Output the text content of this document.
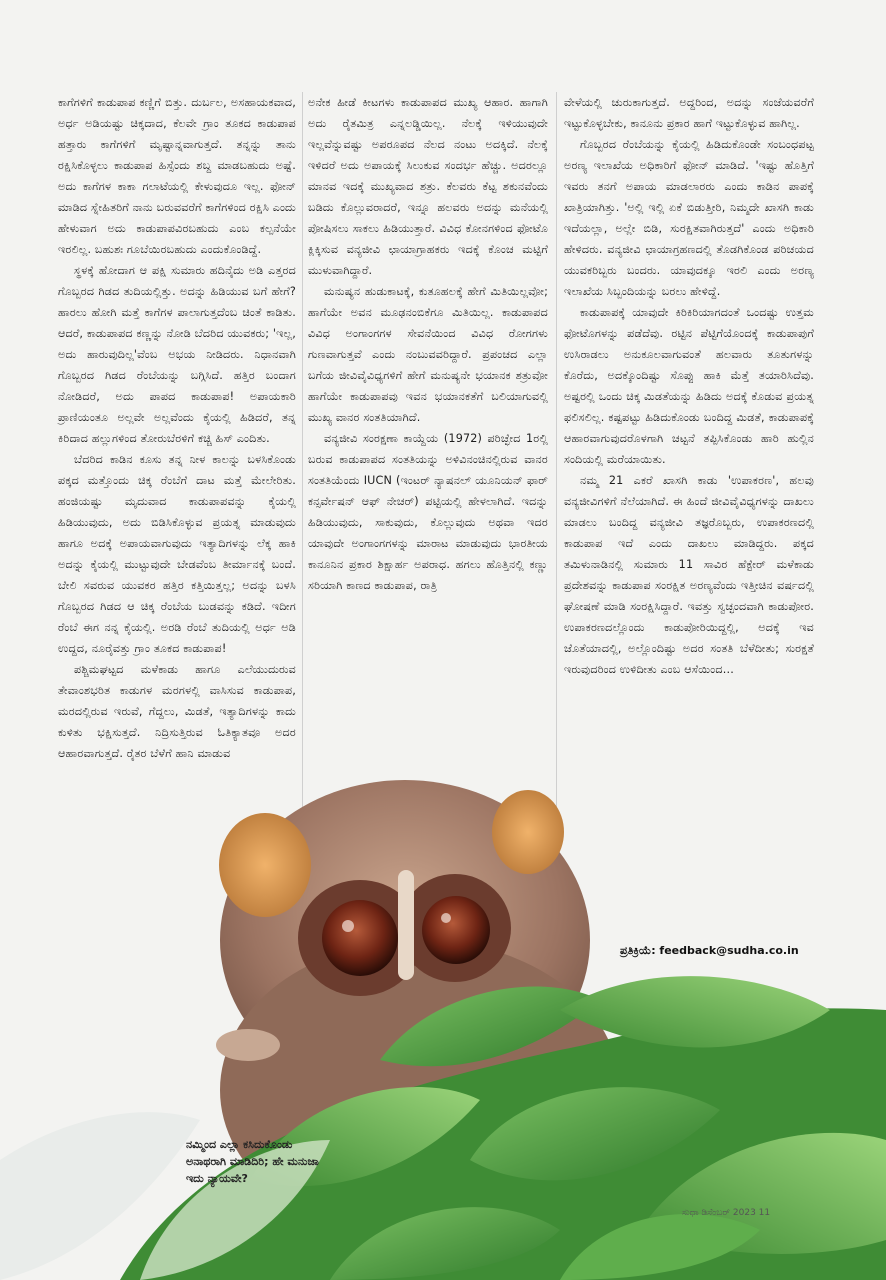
ಕಾಗೆಗಳಿಗೆ ಕಾಡುಪಾಪ ಕಣ್ಣಿಗೆ ಬಿತ್ತು. ದುರ್ಬಲ, ಅಸಹಾಯಕವಾದ, ಅರ್ಧ ಅಡಿಯಷ್ಟು ಚಿಕ್ಕದಾದ, ಕೆಲವೇ ಗ್ರಾಂ ತೂಕದ ಕಾಡುಪಾಪ ಹತ್ತಾರು ಕಾಗೆಗಳಿಗೆ ಮೃಷ್ಟಾನ್ನವಾಗುತ್ತದೆ. ತನ್ನನ್ನು ತಾನು ರಕ್ಷಿಸಿಕೊಳ್ಳಲು ಕಾಡುಪಾಪ ಹಿಸ್ಸೆಂದು ಶಬ್ದ ಮಾಡಬಹುದು ಅಷ್ಟೆ. ಅದು ಕಾಗೆಗಳ ಕಾಕಾ ಗಲಾಟೆಯಲ್ಲಿ ಕೇಳುವುದೂ ಇಲ್ಲ. ಫೋನ್ ಮಾಡಿದ ಸ್ನೇಹಿತರಿಗೆ ನಾನು ಬರುವವರೆಗೆ ಕಾಗೆಗಳಿಂದ ರಕ್ಷಿಸಿ ಎಂದು ಹೇಳುವಾಗ ಅದು ಕಾಡುಪಾಪವಿರಬಹುದು ಎಂಬ ಕಲ್ಪನೆಯೇ ಇರಲಿಲ್ಲ. ಬಹುಶಃ ಗೂಬೆಯಿರಬಹುದು ಎಂದುಕೊಂಡಿದ್ದೆ.

ಸ್ಥಳಕ್ಕೆ ಹೋದಾಗ ಆ ಪಕ್ಷಿ ಸುಮಾರು ಹದಿನೈದು ಅಡಿ ಎತ್ತರದ ಗೊಬ್ಬರದ ಗಿಡದ ತುದಿಯಲ್ಲಿತ್ತು. ಅದನ್ನು ಹಿಡಿಯುವ ಬಗೆ ಹೇಗೆ? ಹಾರಲು ಹೋಗಿ ಮತ್ತೆ ಕಾಗೆಗಳ ಪಾಲಾಗುತ್ತದೆಂಬ ಚಿಂತೆ ಕಾಡಿತು. ಆದರೆ, ಕಾಡುಪಾಪದ ಕಣ್ಣನ್ನು ನೋಡಿ ಬೆದರಿದ ಯುವಕರು; 'ಇಲ್ಲ, ಅದು ಹಾರುವುದಿಲ್ಲ'ವೆಂಬ ಅಭಯ ನೀಡಿದರು. ನಿಧಾನವಾಗಿ ಗೊಬ್ಬರದ ಗಿಡದ ರೆಂಬೆಯನ್ನು ಬಗ್ಗಿಸಿದೆ. ಹತ್ತಿರ ಬಂದಾಗ ನೋಡಿದರೆ, ಅದು ಪಾಪದ ಕಾಡುಪಾಪ! ಅಪಾಯಕಾರಿ ಪ್ರಾಣಿಯಂತೂ ಅಲ್ಲವೇ ಅಲ್ಲವೆಂದು ಕೈಯಲ್ಲಿ ಹಿಡಿದರೆ, ತನ್ನ ಕಿರಿದಾದ ಹಲ್ಲುಗಳಿಂದ ತೋರುಬೆರಳಿಗೆ ಕಚ್ಚಿ ಹಿಸ್ ಎಂದಿತು.

ಬೆದರಿದ ಕಾಡಿನ ಕೂಸು ತನ್ನ ನೀಳ ಕಾಲನ್ನು ಬಳಸಿಕೊಂಡು ಪಕ್ಕದ ಮತ್ತೊಂದು ಚಿಕ್ಕ ರೆಂಬೆಗೆ ದಾಟ ಮತ್ತೆ ಮೇಲೇರಿತು. ಹಂಜಿಯಷ್ಟು ಮೃದುವಾದ ಕಾಡುಪಾಪವನ್ನು ಕೈಯಲ್ಲಿ ಹಿಡಿಯುವುದು, ಅದು ಬಿಡಿಸಿಕೊಳ್ಳುವ ಪ್ರಯತ್ನ ಮಾಡುವುದು ಹಾಗೂ ಅದಕ್ಕೆ ಅಪಾಯವಾಗುವುದು ಇತ್ಯಾದಿಗಳನ್ನು ಲೆಕ್ಕ ಹಾಕಿ ಅದನ್ನು ಕೈಯಲ್ಲಿ ಮುಟ್ಟುವುದೇ ಬೇಡವೆಂಬ ತೀರ್ಮಾನಕ್ಕೆ ಬಂದೆ. ಬೇಲಿ ಸವರುವ ಯುವಕರ ಹತ್ತಿರ ಕತ್ತಿಯಿತ್ತಲ್ಲ; ಅದನ್ನು ಬಳಸಿ ಗೊಬ್ಬರದ ಗಿಡದ ಆ ಚಿಕ್ಕ ರೆಂಬೆಯ ಬುಡವನ್ನು ಕಡಿದೆ. ಇದೀಗ ರೆಂಬೆ ಈಗ ನನ್ನ ಕೈಯಲ್ಲಿ. ಅರಡಿ ರೆಂಬೆ ತುದಿಯಲ್ಲಿ ಅರ್ಧ ಅಡಿ ಉದ್ದದ, ನೂರೈವತ್ತು ಗ್ರಾಂ ತೂಕದ ಕಾಡುಪಾಪ!

ಪಶ್ಚಿಮಘಟ್ಟದ ಮಳೆಕಾಡು ಹಾಗೂ ಎಲೆಯುದುರುವ ತೇವಾಂಶಭರಿತ ಕಾಡುಗಳ ಮರಗಳಲ್ಲಿ ವಾಸಿಸುವ ಕಾಡುಪಾಪ, ಮರದಲ್ಲಿರುವ ಇರುವೆ, ಗೆದ್ದಲು, ಮಿಡತೆ, ಇತ್ಯಾದಿಗಳನ್ನು ಕಾದು ಕುಳಿತು ಭಕ್ಷಿಸುತ್ತದೆ. ನಿದ್ರಿಸುತ್ತಿರುವ ಓತಿಕ್ಯಾತವೂ ಅದರ ಆಹಾರವಾಗುತ್ತದೆ. ರೈತರ ಬೆಳೆಗೆ ಹಾನಿ ಮಾಡುವ

ಅನೇಕ ಹೀಡೆ ಕೀಟಗಳು ಕಾಡುಪಾಪದ ಮುಖ್ಯ ಆಹಾರ. ಹಾಗಾಗಿ ಅದು ರೈತಮಿತ್ರ ಎನ್ನಲಡ್ಡಿಯಿಲ್ಲ. ನೆಲಕ್ಕೆ ಇಳಿಯುವುದೇ ಇಲ್ಲವೆನ್ನುವಷ್ಟು ಅಪರೂಪದ ನೆಲದ ನಂಟು ಅದಕ್ಕಿದೆ. ನೆಲಕ್ಕೆ ಇಳಿದರೆ ಅದು ಅಪಾಯಕ್ಕೆ ಸಿಲುಕುವ ಸಂದರ್ಭ ಹೆಚ್ಚು. ಅದರಲ್ಲೂ ಮಾನವ ಇದಕ್ಕೆ ಮುಖ್ಯವಾದ ಶತ್ರು. ಕೆಲವರು ಕೆಟ್ಟ ಶಕುನವೆಂದು ಬಡಿದು ಕೊಲ್ಲುವರಾದರೆ, ಇನ್ನೂ ಹಲವರು ಅದನ್ನು ಮನೆಯಲ್ಲಿ ಪೋಷಿಸಲು ಸಾಕಲು ಹಿಡಿಯುತ್ತಾರೆ. ವಿವಿಧ ಕೋನಗಳಿಂದ ಫೋಟೊ ಕ್ಲಿಕ್ಕಿಸುವ ವನ್ಯಜೀವಿ ಛಾಯಾಗ್ರಾಹಕರು ಇದಕ್ಕೆ ಕೊಂಚ ಮಟ್ಟಿಗೆ ಮುಳುವಾಗಿದ್ದಾರೆ.

ಮನುಷ್ಯನ ಹುಡುಕಾಟಕ್ಕೆ, ಕುತೂಹಲಕ್ಕೆ ಹೇಗೆ ಮಿತಿಯಿಲ್ಲವೋ; ಹಾಗೆಯೇ ಅವನ ಮೂಢನಂಬಿಕೆಗೂ ಮಿತಿಯಿಲ್ಲ. ಕಾಡುಪಾಪದ ವಿವಿಧ ಅಂಗಾಂಗಗಳ ಸೇವನೆಯಿಂದ ವಿವಿಧ ರೋಗಗಳು ಗುಣವಾಗುತ್ತವೆ ಎಂದು ನಂಬುವವರಿದ್ದಾರೆ. ಪ್ರಪಂಚದ ಎಲ್ಲಾ ಬಗೆಯ ಜೀವಿವೈವಿಧ್ಯಗಳಿಗೆ ಹೇಗೆ ಮನುಷ್ಯನೇ ಭಯಾನಕ ಶತ್ರುವೋ ಹಾಗೆಯೇ ಕಾಡುಪಾಪವು ಇವನ ಭಯಾನಕತೆಗೆ ಬಲಿಯಾಗುವಲ್ಲಿ ಮುಖ್ಯ ವಾನರ ಸಂತತಿಯಾಗಿದೆ.

ವನ್ಯಜೀವಿ ಸಂರಕ್ಷಣಾ ಕಾಯ್ದೆಯ (1972) ಪರಿಚ್ಛೇದ 1ರಲ್ಲಿ ಬರುವ ಕಾಡುಪಾಪದ ಸಂತತಿಯನ್ನು ಅಳಿವಿನಂಚಿನಲ್ಲಿರುವ ವಾನರ ಸಂತತಿಯೆಂದು IUCN (ಇಂಟರ್ ನ್ಯಾಷನಲ್ ಯೂನಿಯನ್ ಫಾರ್ ಕನ್ಸರ್ವೇಷನ್ ಆಫ್ ನೇಚರ್) ಪಟ್ಟಿಯಲ್ಲಿ ಹೇಳಲಾಗಿದೆ. ಇದನ್ನು ಹಿಡಿಯುವುದು, ಸಾಕುವುದು, ಕೊಲ್ಲುವುದು ಅಥವಾ ಇದರ ಯಾವುದೇ ಅಂಗಾಂಗಗಳನ್ನು ಮಾರಾಟ ಮಾಡುವುದು ಭಾರತೀಯ ಕಾನೂನಿನ ಪ್ರಕಾರ ಶಿಕ್ಷಾರ್ಹ ಅಪರಾಧ. ಹಗಲು ಹೊತ್ತಿನಲ್ಲಿ ಕಣ್ಣು ಸರಿಯಾಗಿ ಕಾಣದ ಕಾಡುಪಾಪ, ರಾತ್ರಿ

ವೇಳೆಯಲ್ಲಿ ಚುರುಕಾಗುತ್ತದೆ. ಅದ್ದರಿಂದ, ಅದನ್ನು ಸಂಜೆಯವರೆಗೆ ಇಟ್ಟುಕೊಳ್ಳಬೇಕು, ಕಾನೂನು ಪ್ರಕಾರ ಹಾಗೆ ಇಟ್ಟುಕೊಳ್ಳುವ ಹಾಗಿಲ್ಲ.

ಗೊಬ್ಬರದ ರೆಂಬೆಯನ್ನು ಕೈಯಲ್ಲಿ ಹಿಡಿದುಕೊಂಡೇ ಸಂಬಂಧಪಟ್ಟ ಅರಣ್ಯ ಇಲಾಖೆಯ ಅಧಿಕಾರಿಗೆ ಫೋನ್ ಮಾಡಿದೆ. 'ಇಷ್ಟು ಹೊತ್ತಿಗೆ ಇವರು ತನಗೆ ಅಪಾಯ ಮಾಡಲಾರರು ಎಂದು ಕಾಡಿನ ಪಾಪಕ್ಕೆ ಖಾತ್ರಿಯಾಗಿತ್ತು. 'ಅಲ್ಲಿ ಇಲ್ಲಿ ಏಕೆ ಬಿಡುತ್ತೀರಿ, ನಿಮ್ಮದೇ ಖಾಸಗಿ ಕಾಡು ಇದೆಯಲ್ಲಾ, ಅಲ್ಲೇ ಬಿಡಿ, ಸುರಕ್ಷಿತವಾಗಿರುತ್ತದೆ' ಎಂದು ಅಧಿಕಾರಿ ಹೇಳಿದರು. ವನ್ಯಜೀವಿ ಛಾಯಾಗ್ರಹಣದಲ್ಲಿ ತೊಡಗಿಕೊಂಡ ಪರಿಚಯದ ಯುವಕರಿಬ್ಬರು ಬಂದರು. ಯಾವುದಕ್ಕೂ ಇರಲಿ ಎಂದು ಅರಣ್ಯ ಇಲಾಖೆಯ ಸಿಬ್ಬಂದಿಯನ್ನು ಬರಲು ಹೇಳಿದ್ದೆ.

ಕಾಡುಪಾಪಕ್ಕೆ ಯಾವುದೇ ಕಿರಿಕಿರಿಯಾಗದಂತೆ ಒಂದಷ್ಟು ಉತ್ತಮ ಫೋಟೊಗಳನ್ನು ಪಡೆದೆವು. ರಟ್ಟಿನ ಪೆಟ್ಟಿಗೆಯೊಂದಕ್ಕೆ ಕಾಡುಪಾಪುಗೆ ಉಸಿರಾಡಲು ಅನುಕೂಲವಾಗುವಂತೆ ಹಲವಾರು ತೂತುಗಳನ್ನು ಕೊರೆದು, ಅದಕ್ಕೊಂದಿಷ್ಟು ಸೊಪ್ಪು ಹಾಕಿ ಮೆತ್ತೆ ತಯಾರಿಸಿದೆವು. ಅಷ್ಟರಲ್ಲಿ ಒಂದು ಚಿಕ್ಕ ಮಿಡತೆಯನ್ನು ಹಿಡಿದು ಅದಕ್ಕೆ ಕೊಡುವ ಪ್ರಯತ್ನ ಫಲಿಸಲಿಲ್ಲ. ಕಷ್ಟಪಟ್ಟು ಹಿಡಿದುಕೊಂಡು ಬಂದಿದ್ದ ಮಿಡತೆ, ಕಾಡುಪಾಪಕ್ಕೆ ಆಹಾರವಾಗುವುದರೊಳಗಾಗಿ ಚಟ್ಟನೆ ತಪ್ಪಿಸಿಕೊಂಡು ಹಾರಿ ಹುಲ್ಲಿನ ಸಂದಿಯಲ್ಲಿ ಮರೆಯಾಯಿತು.

ನಮ್ಮ 21 ಎಕರೆ ಖಾಸಗಿ ಕಾಡು 'ಉಪಾಕರಣ', ಹಲವು ವನ್ಯಜೀವಿಗಳಿಗೆ ನೆಲೆಯಾಗಿದೆ. ಈ ಹಿಂದೆ ಜೀವಿವೈವಿಧ್ಯಗಳನ್ನು ದಾಖಲು ಮಾಡಲು ಬಂದಿದ್ದ ವನ್ಯಜೀವಿ ತಜ್ಞರೊಬ್ಬರು, ಉಪಾಕರಣದಲ್ಲಿ ಕಾಡುಪಾಪ ಇದೆ ಎಂದು ದಾಖಲು ಮಾಡಿದ್ದರು. ಪಕ್ಕದ ತಮಿಳುನಾಡಿನಲ್ಲಿ ಸುಮಾರು 11 ಸಾವಿರ ಹೆಕ್ಟೇರ್ ಮಳೆಕಾಡು ಪ್ರದೇಶವನ್ನು ಕಾಡುಪಾಪ ಸಂರಕ್ಷಿತ ಅರಣ್ಯವೆಂದು ಇತ್ತೀಚಿನ ವರ್ಷದಲ್ಲಿ ಘೋಷಣೆ ಮಾಡಿ ಸಂರಕ್ಷಿಸಿದ್ದಾರೆ. ಇವತ್ತು ಸ್ವಚ್ಛಂದವಾಗಿ ಕಾಡುಪೋರ. ಉಪಾಕರಣದಲ್ಲೊಂದು ಕಾಡುಪೋರಿಯಿದ್ದಲ್ಲಿ, ಅದಕ್ಕೆ ಇವ ಜೊತೆಯಾದಲ್ಲಿ, ಅಲ್ಲೊಂದಿಷ್ಟು ಅದರ ಸಂತತಿ ಬೆಳೆದೀತು; ಸುರಕ್ಷತೆ ಇರುವುದರಿಂದ ಉಳಿದೀತು ಎಂಬ ಆಸೆಯಿಂದ...

ಪ್ರತಿಕ್ರಿಯೆ: feedback@sudha.co.in
ನಮ್ಮಿಂದ ಎಲ್ಲಾ ಕಸಿದುಕೊಂಡು ಅನಾಥರಾಗಿ ಮಾಡಿದಿರಿ; ಹೇ ಮನುಜಾ ಇದು ನ್ಯಾಯವೇ?
ಸುಧಾ ಡಿಸೆಂಬರ್ 2023 11
